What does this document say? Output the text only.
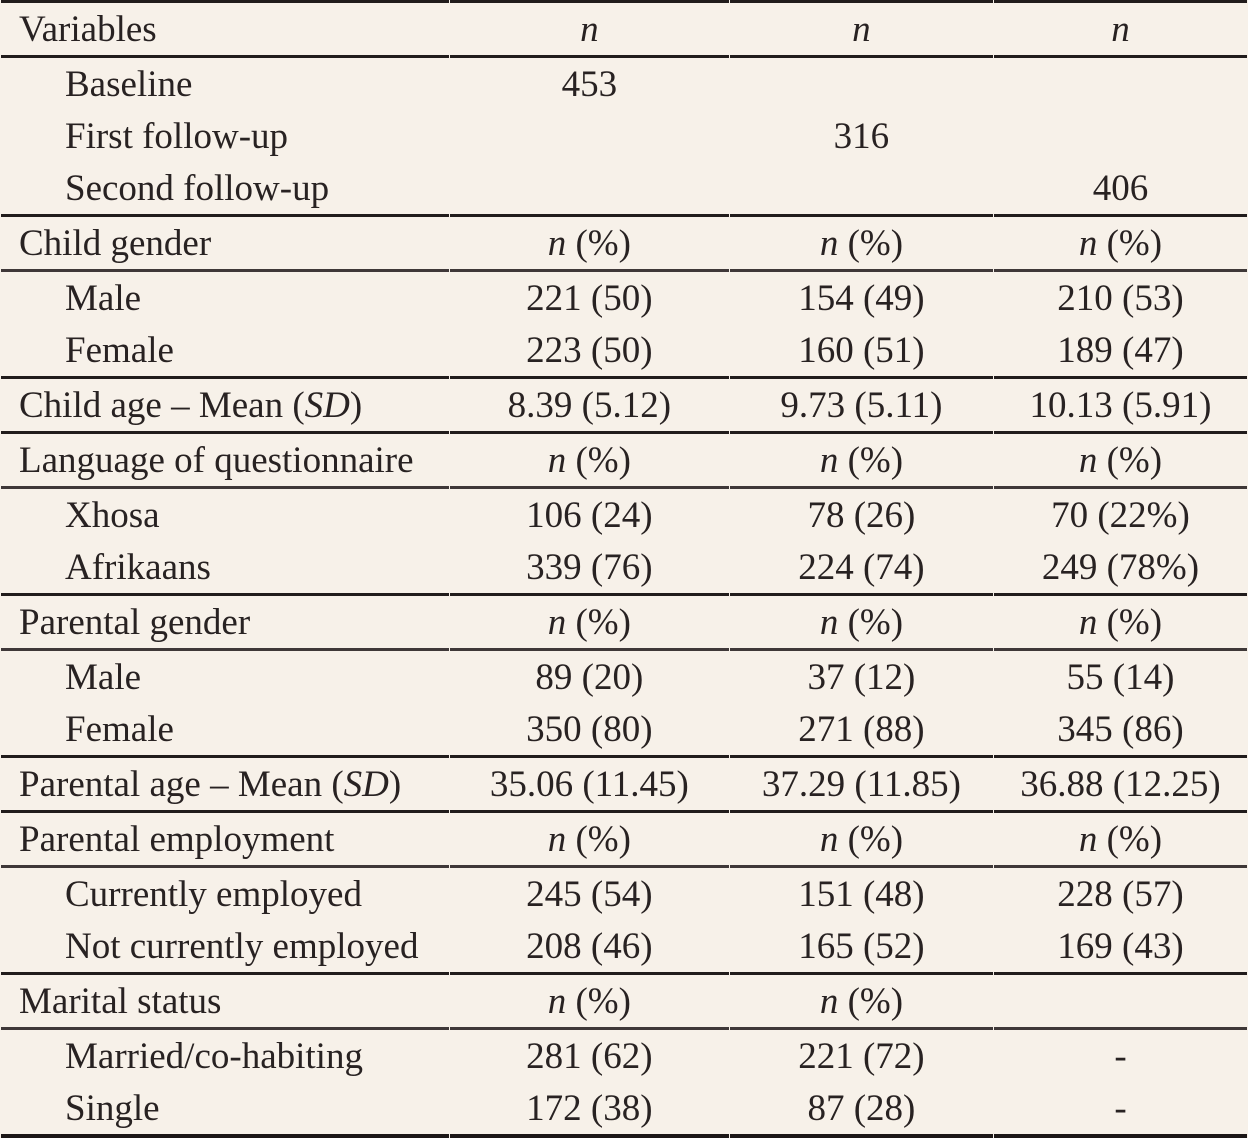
Variables	n	n	n
Baseline	453		
First follow-up		316	
Second follow-up			406
Child gender	n (%)	n (%)	n (%)
Male	221 (50)	154 (49)	210 (53)
Female	223 (50)	160 (51)	189 (47)
Child age – Mean (SD)	8.39 (5.12)	9.73 (5.11)	10.13 (5.91)
Language of questionnaire	n (%)	n (%)	n (%)
Xhosa	106 (24)	78 (26)	70 (22%)
Afrikaans	339 (76)	224 (74)	249 (78%)
Parental gender	n (%)	n (%)	n (%)
Male	89 (20)	37 (12)	55 (14)
Female	350 (80)	271 (88)	345 (86)
Parental age – Mean (SD)	35.06 (11.45)	37.29 (11.85)	36.88 (12.25)
Parental employment	n (%)	n (%)	n (%)
Currently employed	245 (54)	151 (48)	228 (57)
Not currently employed	208 (46)	165 (52)	169 (43)
Marital status	n (%)	n (%)	
Married/co-habiting	281 (62)	221 (72)	-
Single	172 (38)	87 (28)	-
